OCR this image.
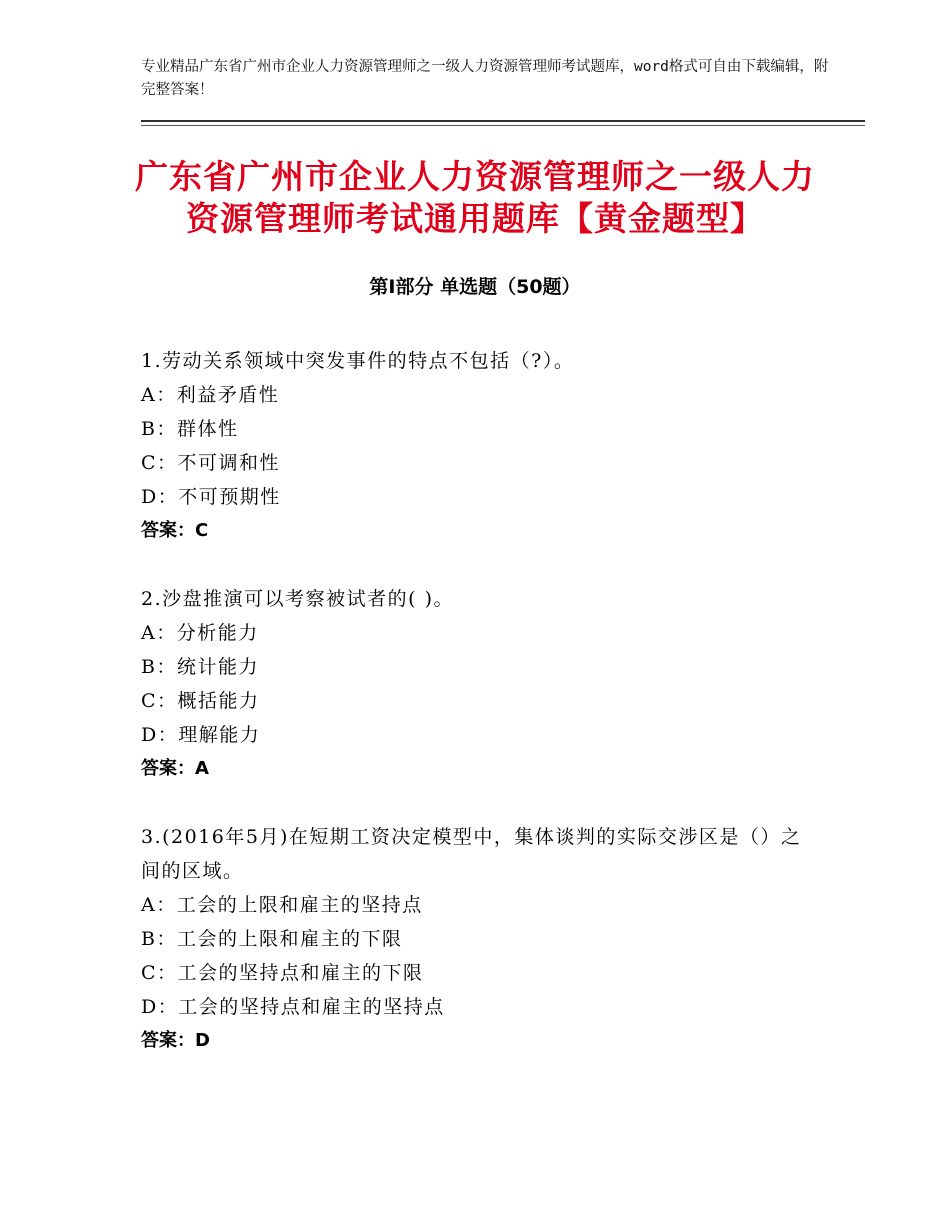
专业精品广东省广州市企业人力资源管理师之一级人力资源管理师考试题库，word格式可自由下载编辑，附完整答案！
广东省广州市企业人力资源管理师之一级人力资源管理师考试通用题库【黄金题型】
第Ⅰ部分 单选题（50题）

1.劳动关系领域中突发事件的特点不包括（?）。

A：利益矛盾性

B：群体性

C：不可调和性

D：不可预期性

答案：C

2.沙盘推演可以考察被试者的( )。

A：分析能力

B：统计能力

C：概括能力

D：理解能力

答案：A

3.(2016年5月)在短期工资决定模型中，集体谈判的实际交涉区是（）之间的区域。

A：工会的上限和雇主的坚持点

B：工会的上限和雇主的下限

C：工会的坚持点和雇主的下限

D：工会的坚持点和雇主的坚持点

答案：D
